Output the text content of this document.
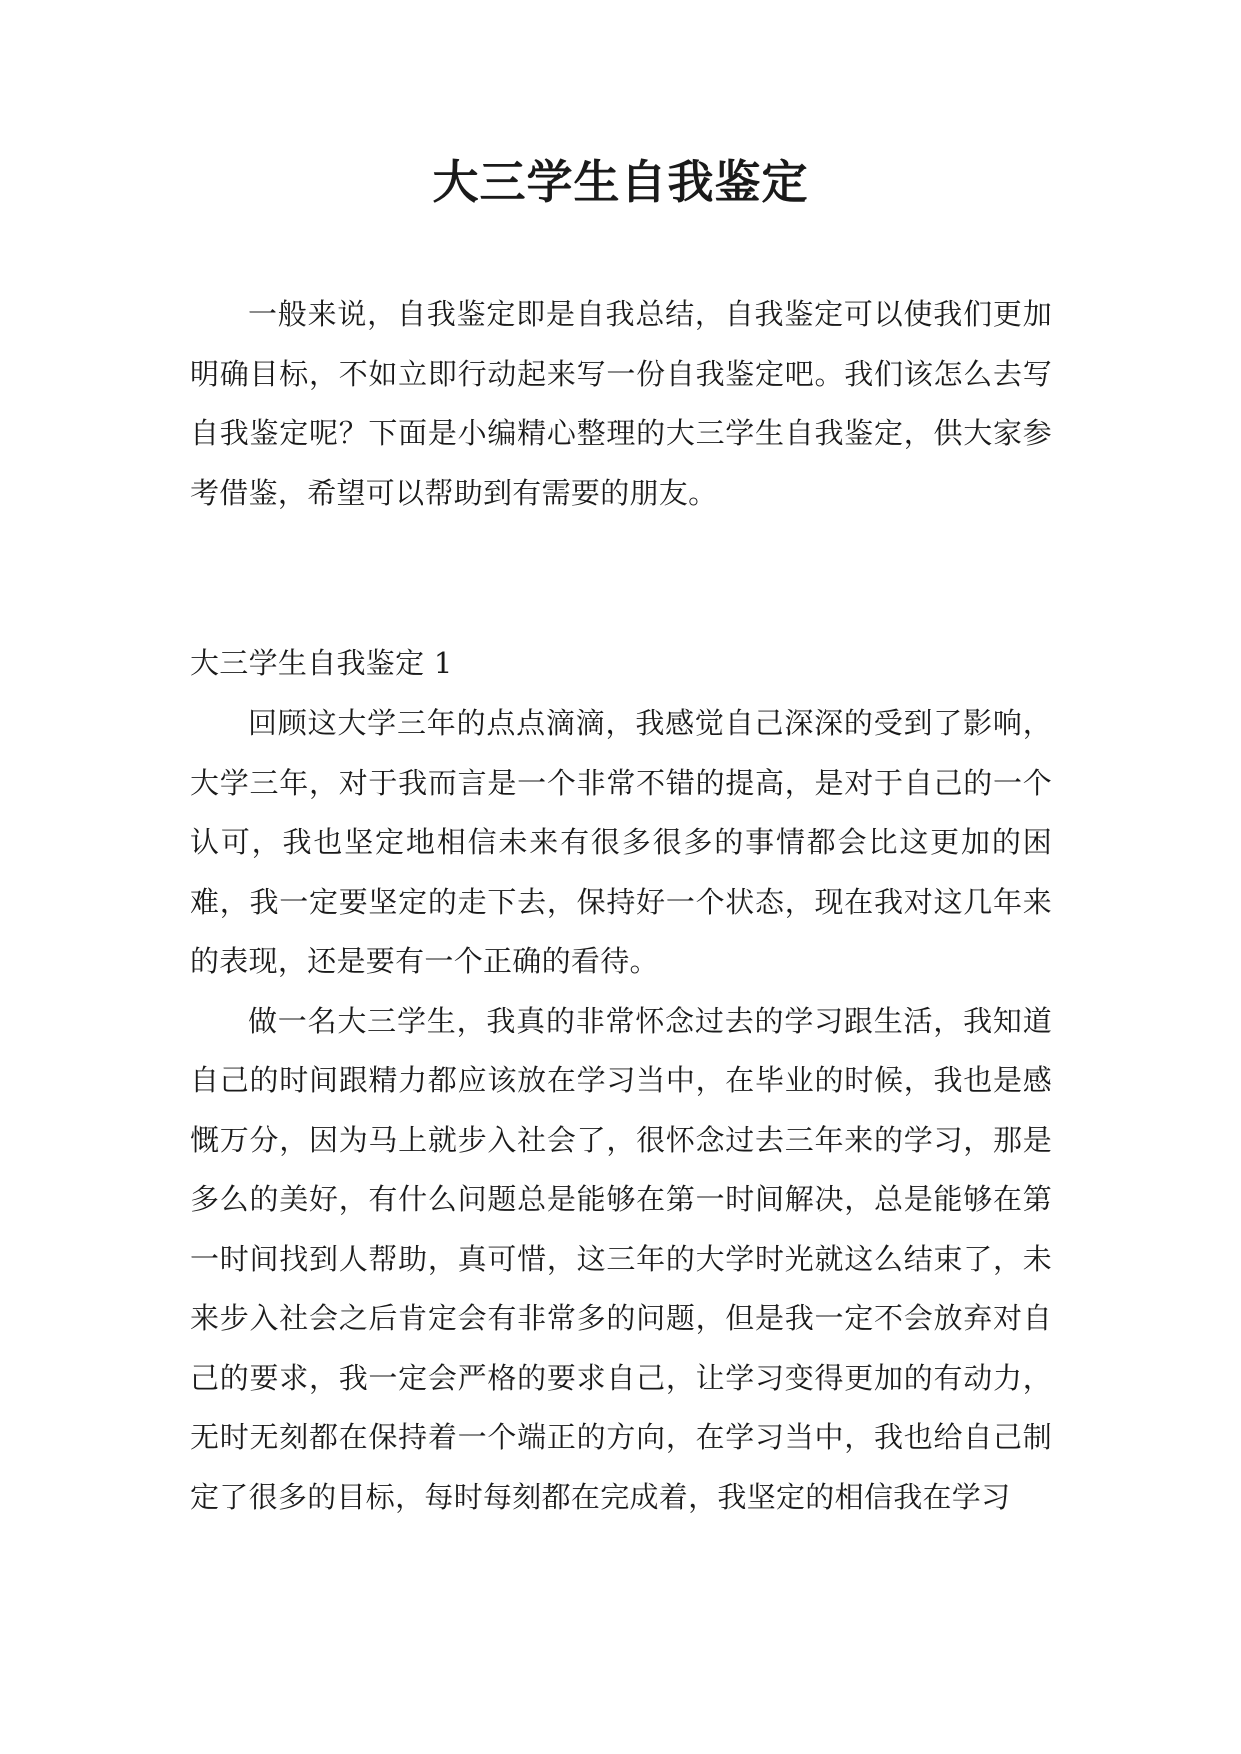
大三学生自我鉴定

一般来说，自我鉴定即是自我总结，自我鉴定可以使我们更加明确目标，不如立即行动起来写一份自我鉴定吧。我们该怎么去写自我鉴定呢？下面是小编精心整理的大三学生自我鉴定，供大家参考借鉴，希望可以帮助到有需要的朋友。

大三学生自我鉴定 1

回顾这大学三年的点点滴滴，我感觉自己深深的受到了影响，大学三年，对于我而言是一个非常不错的提高，是对于自己的一个认可，我也坚定地相信未来有很多很多的事情都会比这更加的困难，我一定要坚定的走下去，保持好一个状态，现在我对这几年来的表现，还是要有一个正确的看待。

做一名大三学生，我真的非常怀念过去的学习跟生活，我知道自己的时间跟精力都应该放在学习当中，在毕业的时候，我也是感慨万分，因为马上就步入社会了，很怀念过去三年来的学习，那是多么的美好，有什么问题总是能够在第一时间解决，总是能够在第一时间找到人帮助，真可惜，这三年的大学时光就这么结束了，未来步入社会之后肯定会有非常多的问题，但是我一定不会放弃对自己的要求，我一定会严格的要求自己，让学习变得更加的有动力，无时无刻都在保持着一个端正的方向，在学习当中，我也给自己制定了很多的目标，每时每刻都在完成着，我坚定的相信我在学习
